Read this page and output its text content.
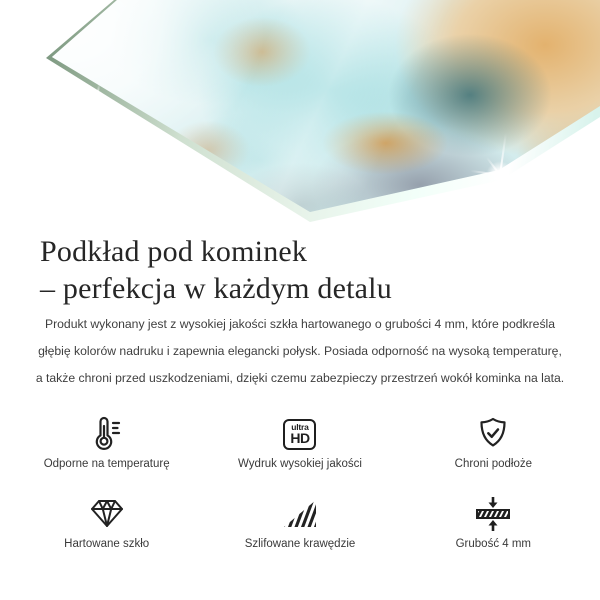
Podkład pod kominek
– perfekcja w każdym detalu
Produkt wykonany jest z wysokiej jakości szkła hartowanego o grubości 4 mm, które podkreśla
głębię kolorów nadruku i zapewnia elegancki połysk. Posiada odporność na wysoką temperaturę,
a także chroni przed uszkodzeniami, dzięki czemu zabezpieczy przestrzeń wokół kominka na lata.
Odporne na temperaturę
ultra
HD
Wydruk wysokiej jakości	Chroni podłoże
Hartowane szkło	Szlifowane krawędzie	Grubość 4 mm
